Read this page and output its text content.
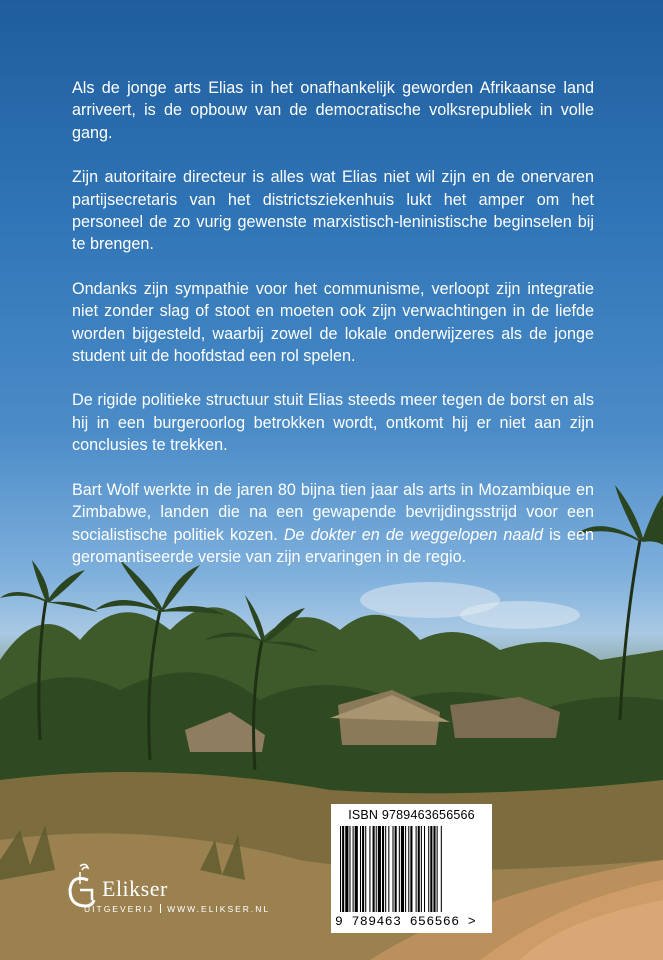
Als de jonge arts Elias in het onafhankelijk geworden Afrikaanse land arriveert, is de opbouw van de democratische volksrepubliek in volle gang.

Zijn autoritaire directeur is alles wat Elias niet wil zijn en de onervaren partijsecretaris van het districtsziekenhuis lukt het amper om het personeel de zo vurig gewenste marxistisch-leninistische beginselen bij te brengen.

Ondanks zijn sympathie voor het communisme, verloopt zijn integratie niet zonder slag of stoot en moeten ook zijn verwachtingen in de liefde worden bijgesteld, waarbij zowel de lokale onderwijzeres als de jonge student uit de hoofdstad een rol spelen.

De rigide politieke structuur stuit Elias steeds meer tegen de borst en als hij in een burgeroorlog betrokken wordt, ontkomt hij er niet aan zijn conclusies te trekken.

Bart Wolf werkte in de jaren 80 bijna tien jaar als arts in Mozambique en Zimbabwe, landen die na een gewapende bevrijdingsstrijd voor een socialistische politiek kozen. De dokter en de weggelopen naald is een geromantiseerde versie van zijn ervaringen in de regio.

Elikser
UITGEVERIJ WWW.ELIKSER.NL
ISBN 9789463656566
9 789463 656566 >
